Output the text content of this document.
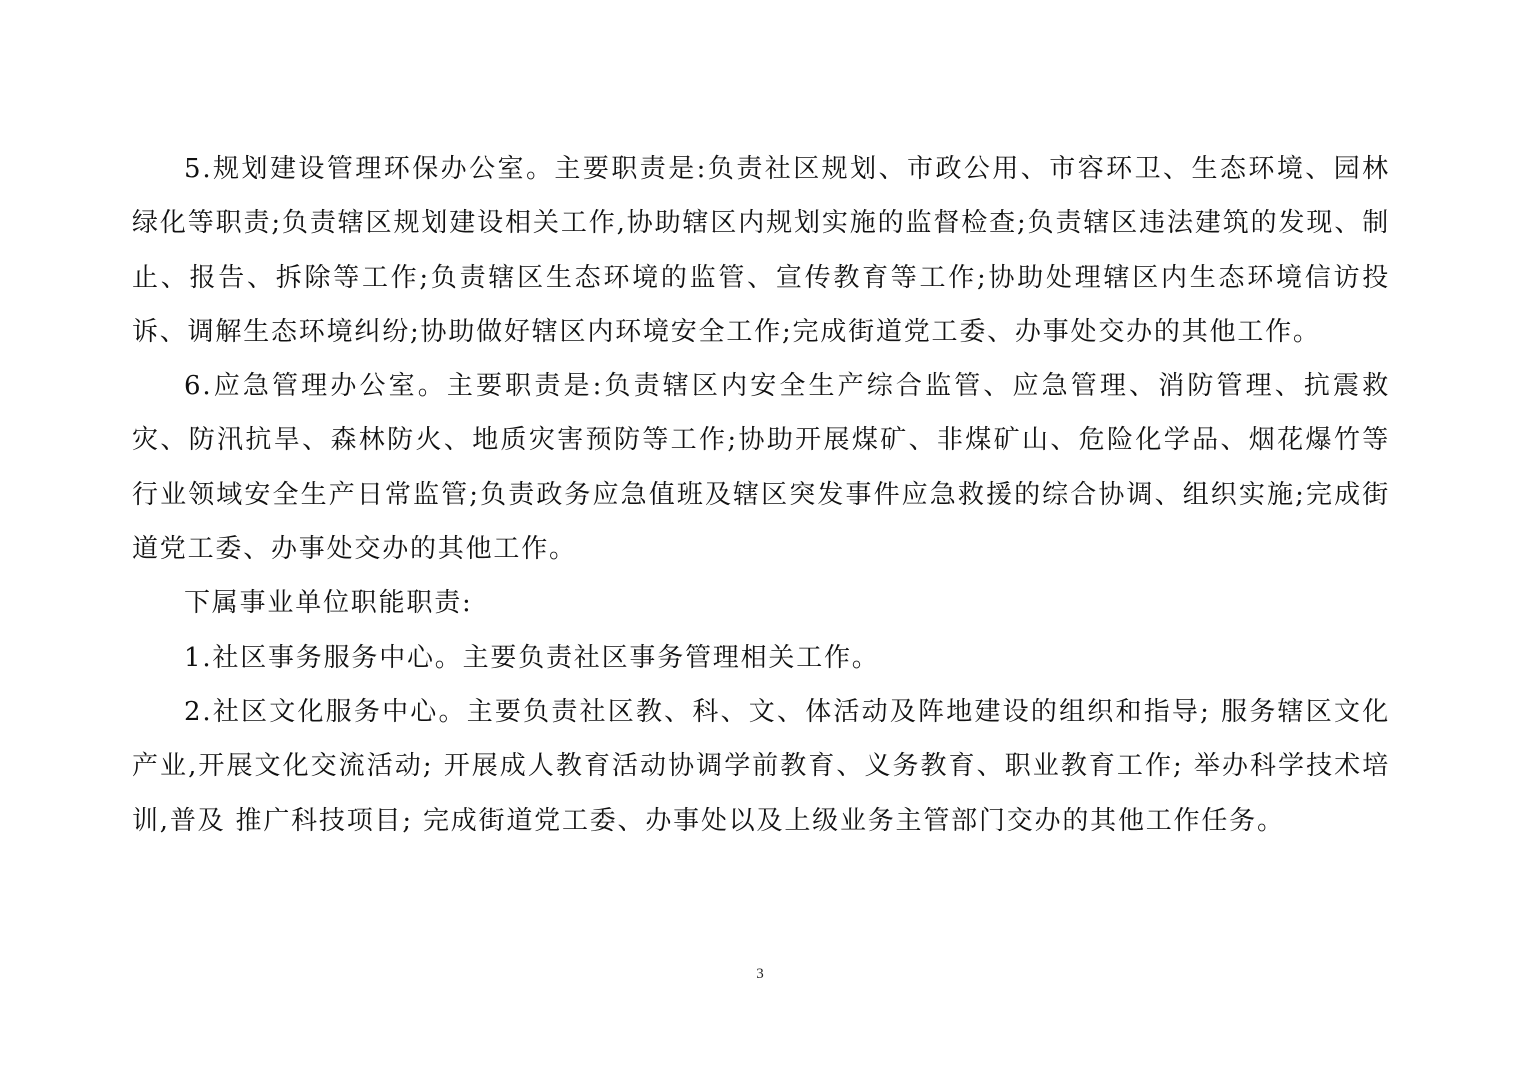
5.规划建设管理环保办公室。主要职责是:负责社区规划、市政公用、市容环卫、生态环境、园林绿化等职责;负责辖区规划建设相关工作,协助辖区内规划实施的监督检查;负责辖区违法建筑的发现、制止、报告、拆除等工作;负责辖区生态环境的监管、宣传教育等工作;协助处理辖区内生态环境信访投诉、调解生态环境纠纷;协助做好辖区内环境安全工作;完成街道党工委、办事处交办的其他工作。

6.应急管理办公室。主要职责是:负责辖区内安全生产综合监管、应急管理、消防管理、抗震救灾、防汛抗旱、森林防火、地质灾害预防等工作;协助开展煤矿、非煤矿山、危险化学品、烟花爆竹等行业领域安全生产日常监管;负责政务应急值班及辖区突发事件应急救援的综合协调、组织实施;完成街道党工委、办事处交办的其他工作。

下属事业单位职能职责:

1.社区事务服务中心。主要负责社区事务管理相关工作。

2.社区文化服务中心。主要负责社区教、科、文、体活动及阵地建设的组织和指导; 服务辖区文化产业,开展文化交流活动; 开展成人教育活动协调学前教育、义务教育、职业教育工作; 举办科学技术培训,普及 推广科技项目; 完成街道党工委、办事处以及上级业务主管部门交办的其他工作任务。

3
